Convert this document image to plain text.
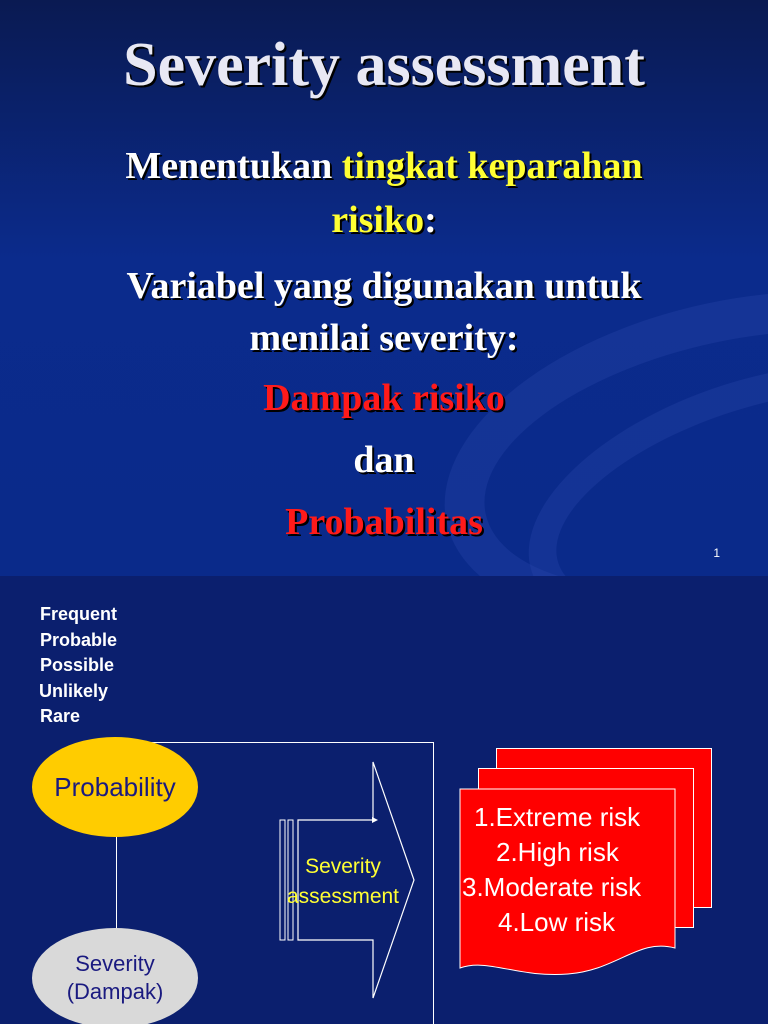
Severity assessment
Menentukan tingkat keparahan
risiko:
Variabel yang digunakan untuk
menilai severity:
Dampak risiko
dan
Probabilitas
1
Frequent
Probable
Possible
Unlikely
Rare
Probability
Severity
(Dampak)
Severity
assessment
1.Extreme risk
2.High risk
3.Moderate risk
4.Low risk
